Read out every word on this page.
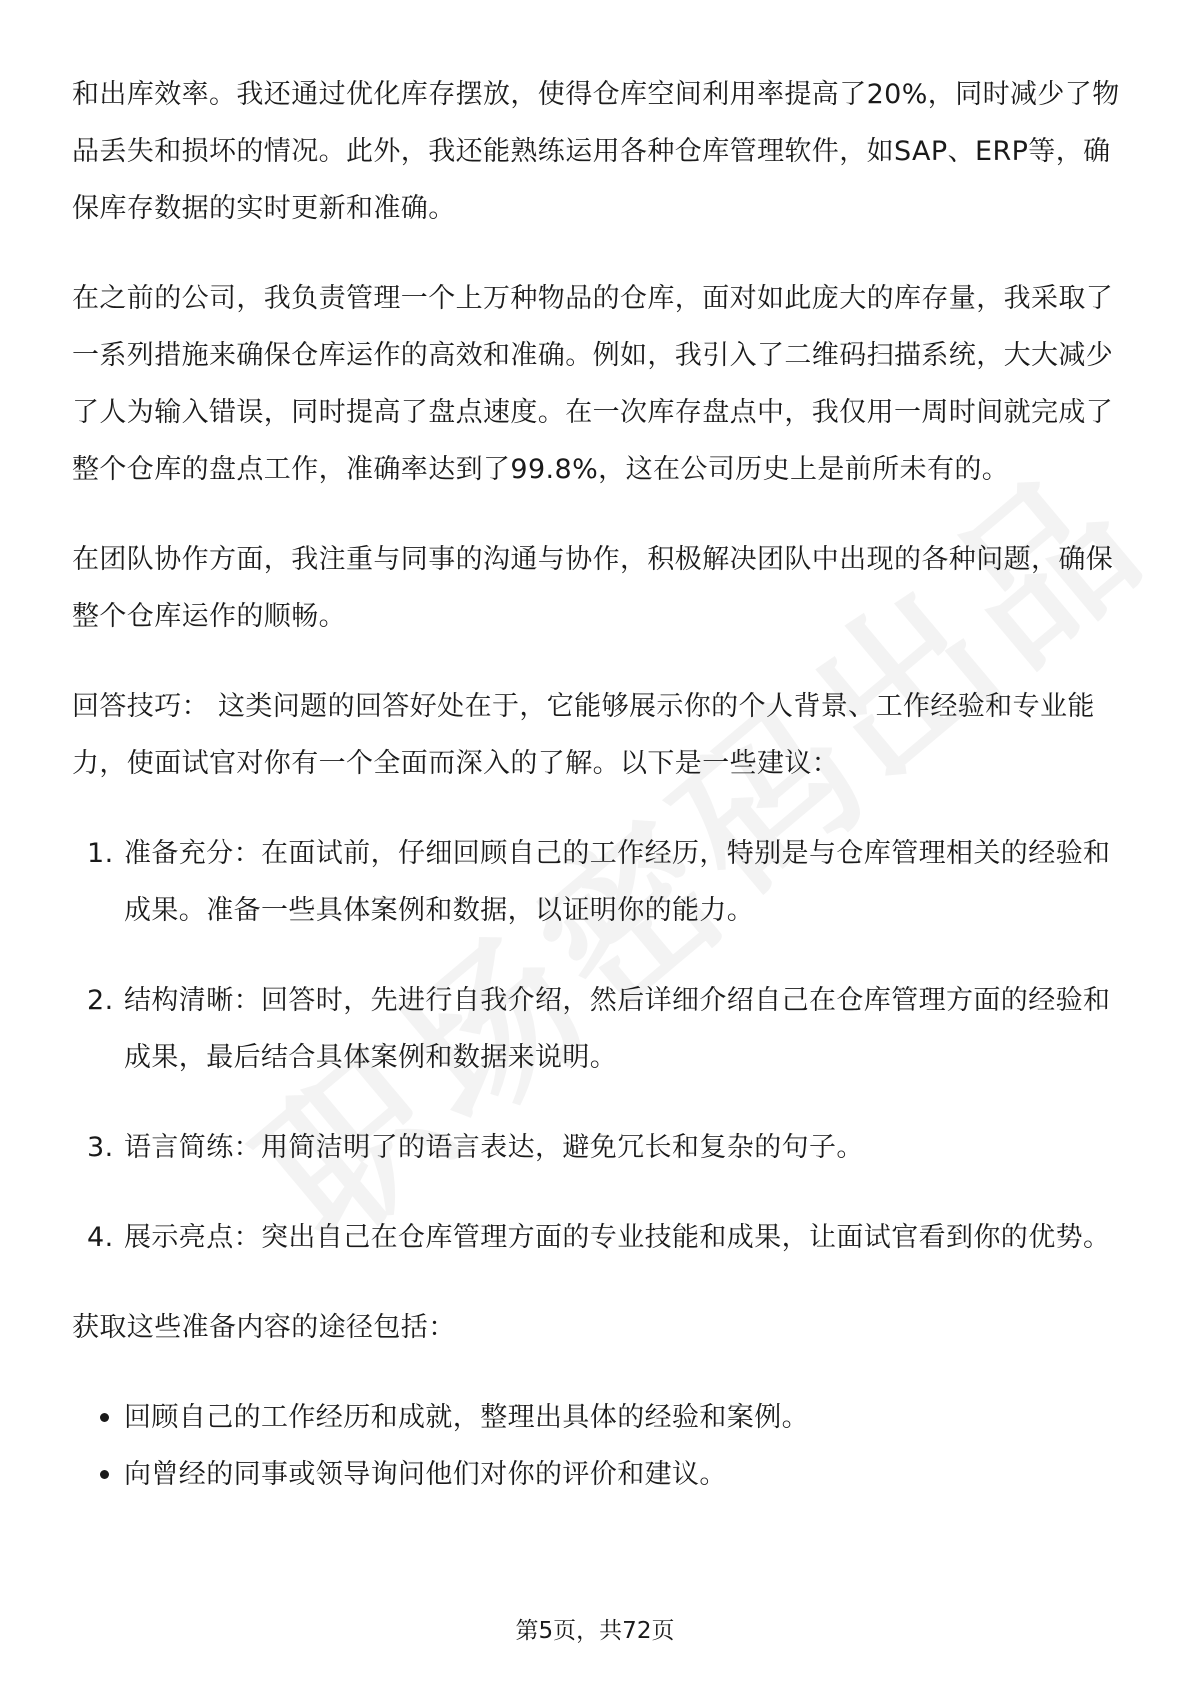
和出库效率。我还通过优化库存摆放，使得仓库空间利用率提高了20%，同时减少了物品丢失和损坏的情况。此外，我还能熟练运用各种仓库管理软件，如SAP、ERP等，确保库存数据的实时更新和准确。

在之前的公司，我负责管理一个上万种物品的仓库，面对如此庞大的库存量，我采取了一系列措施来确保仓库运作的高效和准确。例如，我引入了二维码扫描系统，大大减少了人为输入错误，同时提高了盘点速度。在一次库存盘点中，我仅用一周时间就完成了整个仓库的盘点工作，准确率达到了99.8%，这在公司历史上是前所未有的。

在团队协作方面，我注重与同事的沟通与协作，积极解决团队中出现的各种问题，确保整个仓库运作的顺畅。

回答技巧： 这类问题的回答好处在于，它能够展示你的个人背景、工作经验和专业能力，使面试官对你有一个全面而深入的了解。以下是一些建议：

1. 准备充分：在面试前，仔细回顾自己的工作经历，特别是与仓库管理相关的经验和成果。准备一些具体案例和数据，以证明你的能力。
2. 结构清晰：回答时，先进行自我介绍，然后详细介绍自己在仓库管理方面的经验和成果，最后结合具体案例和数据来说明。
3. 语言简练：用简洁明了的语言表达，避免冗长和复杂的句子。
4. 展示亮点：突出自己在仓库管理方面的专业技能和成果，让面试官看到你的优势。

获取这些准备内容的途径包括：

回顾自己的工作经历和成就，整理出具体的经验和案例。
向曾经的同事或领导询问他们对你的评价和建议。
第5页，共72页
